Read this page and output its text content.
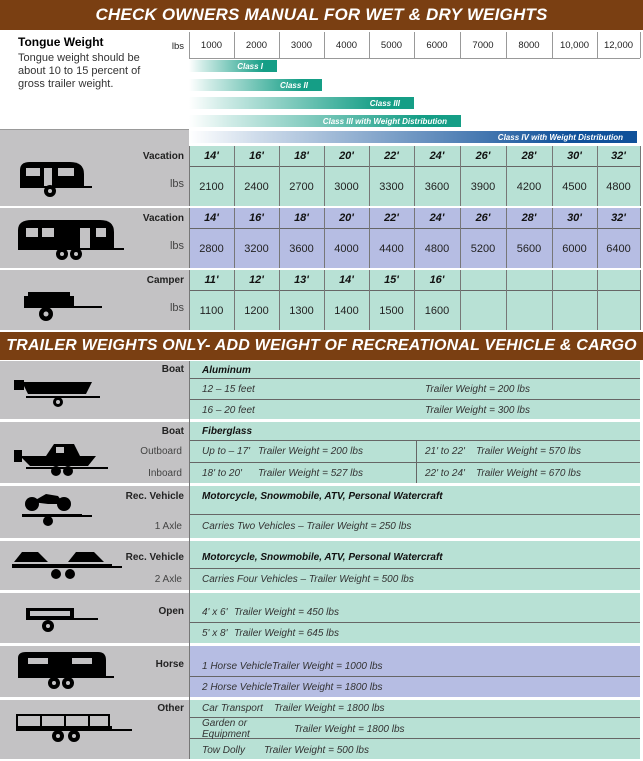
CHECK OWNERS MANUAL FOR WET & DRY WEIGHTS
Tongue Weight
Tongue weight should be about 10 to 15 percent of gross trailer weight.
lbs	1000	2000	3000	4000	5000	6000	7000	8000	10,000	12,000
Class I
Class II
Class III
Class III with Weight Distribution
Class IV with Weight Distribution
Vacation
lbs
14'	16'	18'	20'	22'	24'	26'	28'	30'	32'
2100	2400	2700	3000	3300	3600	3900	4200	4500	4800
Vacation
lbs
14'	16'	18'	20'	22'	24'	26'	28'	30'	32'
2800	3200	3600	4000	4400	4800	5200	5600	6000	6400
Camper
lbs
11'	12'	13'	14'	15'	16'
1100	1200	1300	1400	1500	1600
TRAILER WEIGHTS ONLY- ADD WEIGHT OF RECREATIONAL VEHICLE & CARGO
Boat Aluminum
12 – 15 feet	Trailer Weight = 200 lbs
16 – 20 feet	Trailer Weight = 300 lbs
Boat Fiberglass
Outboard Up to – 17' Trailer Weight = 200 lbs	21' to 22'	Trailer Weight = 570 lbs
Inboard 18' to 20'	Trailer Weight = 527 lbs	22' to 24'	Trailer Weight = 670 lbs
Rec. Vehicle Motorcycle, Snowmobile, ATV, Personal Watercraft
1 Axle Carries Two Vehicles – Trailer Weight = 250 lbs
Rec. Vehicle Motorcycle, Snowmobile, ATV, Personal Watercraft
2 Axle Carries Four Vehicles – Trailer Weight = 500 lbs
Open 4' x 6' Trailer Weight = 450 lbs
5' x 8' Trailer Weight = 645 lbs
Horse 1 Horse Vehicle Trailer Weight = 1000 lbs
2 Horse Vehicle Trailer Weight = 1800 lbs
Other Car Transport	Trailer Weight = 1800 lbs
Garden or Equipment	Trailer Weight = 1800 lbs
Tow Dolly	Trailer Weight = 500 lbs
